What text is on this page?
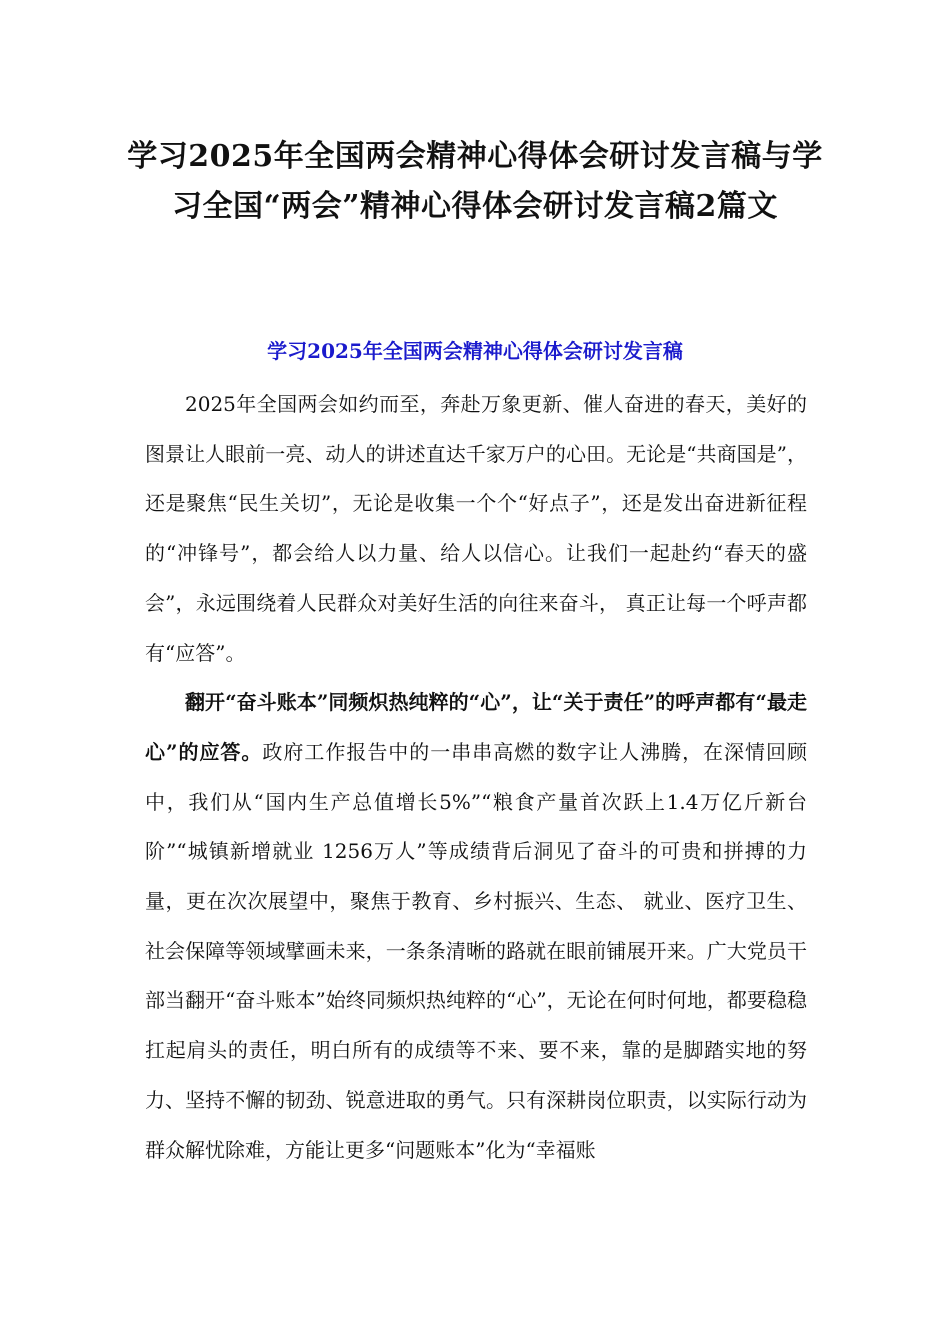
学习2025年全国两会精神心得体会研讨发言稿与学
习全国“两会”精神心得体会研讨发言稿2篇文
学习2025年全国两会精神心得体会研讨发言稿

2025年全国两会如约而至，奔赴万象更新、催人奋进的春天，美好的图景让人眼前一亮、动人的讲述直达千家万户的心田。无论是“共商国是”，还是聚焦“民生关切”，无论是收集一个个“好点子”，还是发出奋进新征程的“冲锋号”，都会给人以力量、给人以信心。让我们一起赴约“春天的盛会”，永远围绕着人民群众对美好生活的向往来奋斗， 真正让每一个呼声都有“应答”。

翻开“奋斗账本”同频炽热纯粹的“心”，让“关于责任”的呼声都有“最走心”的应答。政府工作报告中的一串串高燃的数字让人沸腾，在深情回顾中，我们从“国内生产总值增长5%”“粮食产量首次跃上1.4万亿斤新台阶”“城镇新增就业 1256万人”等成绩背后洞见了奋斗的可贵和拼搏的力量，更在次次展望中，聚焦于教育、乡村振兴、生态、 就业、医疗卫生、社会保障等领域擘画未来，一条条清晰的路就在眼前铺展开来。广大党员干部当翻开“奋斗账本”始终同频炽热纯粹的“心”，无论在何时何地，都要稳稳扛起肩头的责任，明白所有的成绩等不来、要不来，靠的是脚踏实地的努力、坚持不懈的韧劲、锐意进取的勇气。只有深耕岗位职责，以实际行动为群众解忧除难，方能让更多“问题账本”化为“幸福账
